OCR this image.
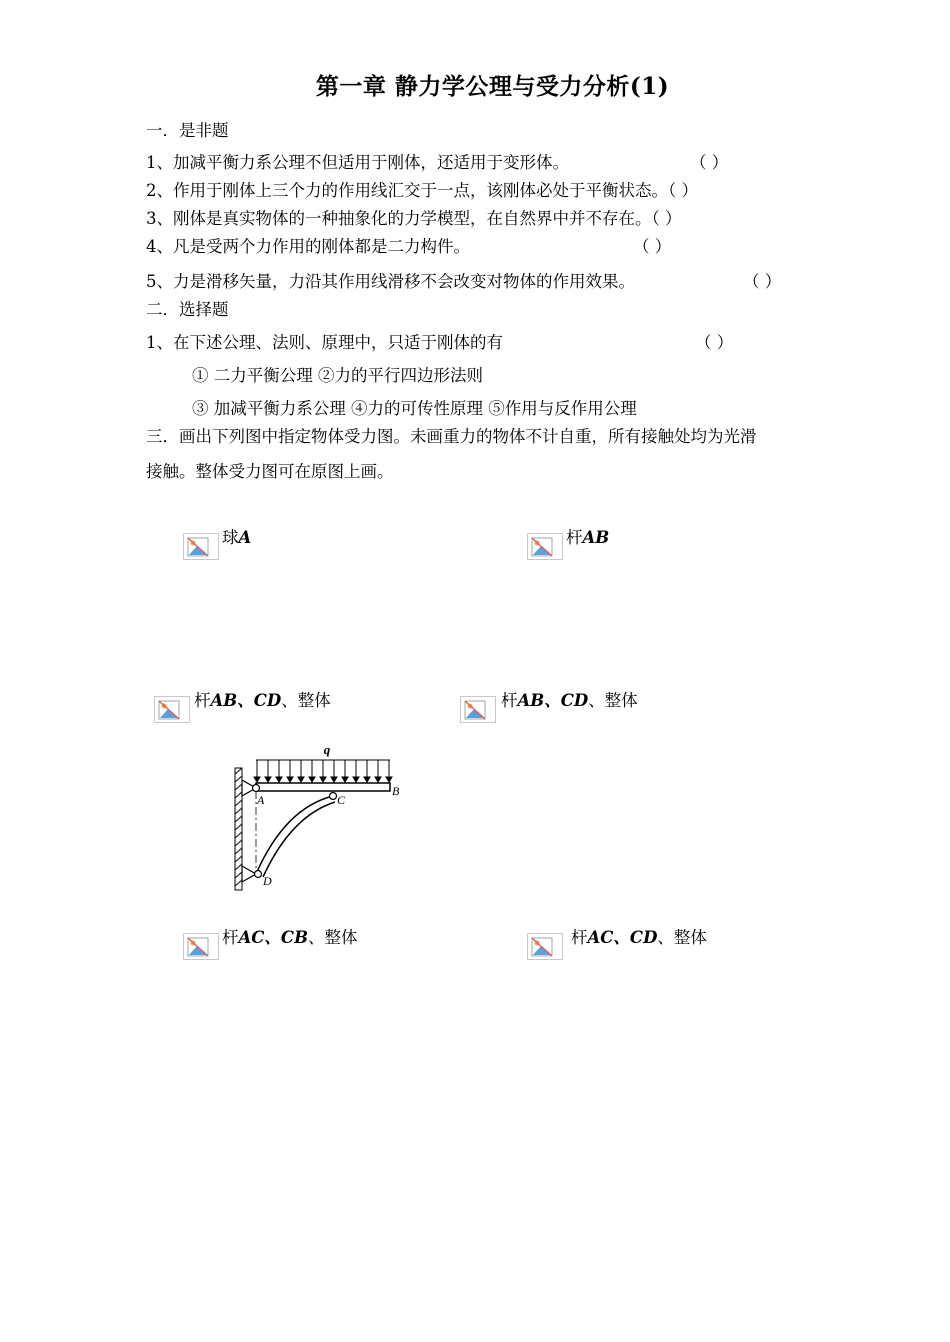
第一章 静力学公理与受力分析(1)
一．是非题
1、加减平衡力系公理不但适用于刚体，还适用于变形体。	（ ）
2、作用于刚体上三个力的作用线汇交于一点，该刚体必处于平衡状态。（ ）
3、刚体是真实物体的一种抽象化的力学模型，在自然界中并不存在。（ ）
4、凡是受两个力作用的刚体都是二力构件。	（ ）
5、力是滑移矢量，力沿其作用线滑移不会改变对物体的作用效果。	（ ）
二．选择题
1、在下述公理、法则、原理中，只适于刚体的有	（ ）
① 二力平衡公理 ②力的平行四边形法则
③ 加减平衡力系公理 ④力的可传性原理 ⑤作用与反作用公理
三．画出下列图中指定物体受力图。未画重力的物体不计自重，所有接触处均为光滑
接触。整体受力图可在原图上画。
球A	杆AB
杆AB、CD、整体	杆AB、CD、整体
q
A
B
C
D
杆AC、CB、整体	杆AC、CD、整体
